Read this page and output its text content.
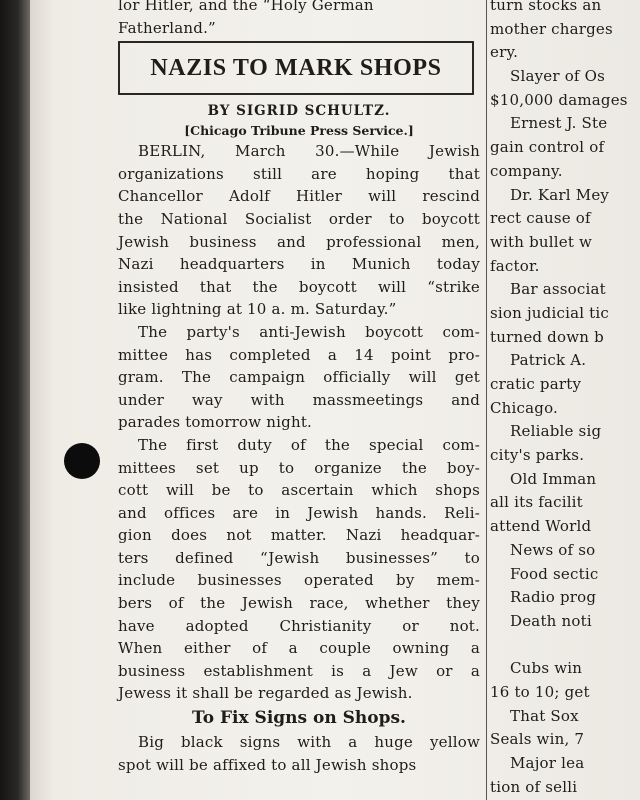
lor Hitler, and the “Holy German
Fatherland.”
NAZIS TO MARK SHOPS
BY SIGRID SCHULTZ.
[Chicago Tribune Press Service.]
BERLIN, March 30.—While Jewish
organizations still are hoping that
Chancellor Adolf Hitler will rescind
the National Socialist order to boycott
Jewish business and professional men,
Nazi headquarters in Munich today
insisted that the boycott will “strike
like lightning at 10 a. m. Saturday.”
The party's anti-Jewish boycott com-
mittee has completed a 14 point pro-
gram. The campaign officially will get
under way with massmeetings and
parades tomorrow night.
The first duty of the special com-
mittees set up to organize the boy-
cott will be to ascertain which shops
and offices are in Jewish hands. Reli-
gion does not matter. Nazi headquar-
ters defined “Jewish businesses” to
include businesses operated by mem-
bers of the Jewish race, whether they
have adopted Christianity or not.
When either of a couple owning a
business establishment is a Jew or a
Jewess it shall be regarded as Jewish.
To Fix Signs on Shops.
Big black signs with a huge yellow
spot will be affixed to all Jewish shops
turn stocks an
mother charges
ery.
Slayer of Os
$10,000 damages
Ernest J. Ste
gain control of
company.
Dr. Karl Mey
rect cause of
with bullet w
factor.
Bar associat
sion judicial tic
turned down b
Patrick A.
cratic party
Chicago.
Reliable sig
city's parks.
Old Imman
all its facilit
attend World
News of so
Food sectic
Radio prog
Death noti
Cubs win
16 to 10; get
That Sox
Seals win, 7
Major lea
tion of selli
